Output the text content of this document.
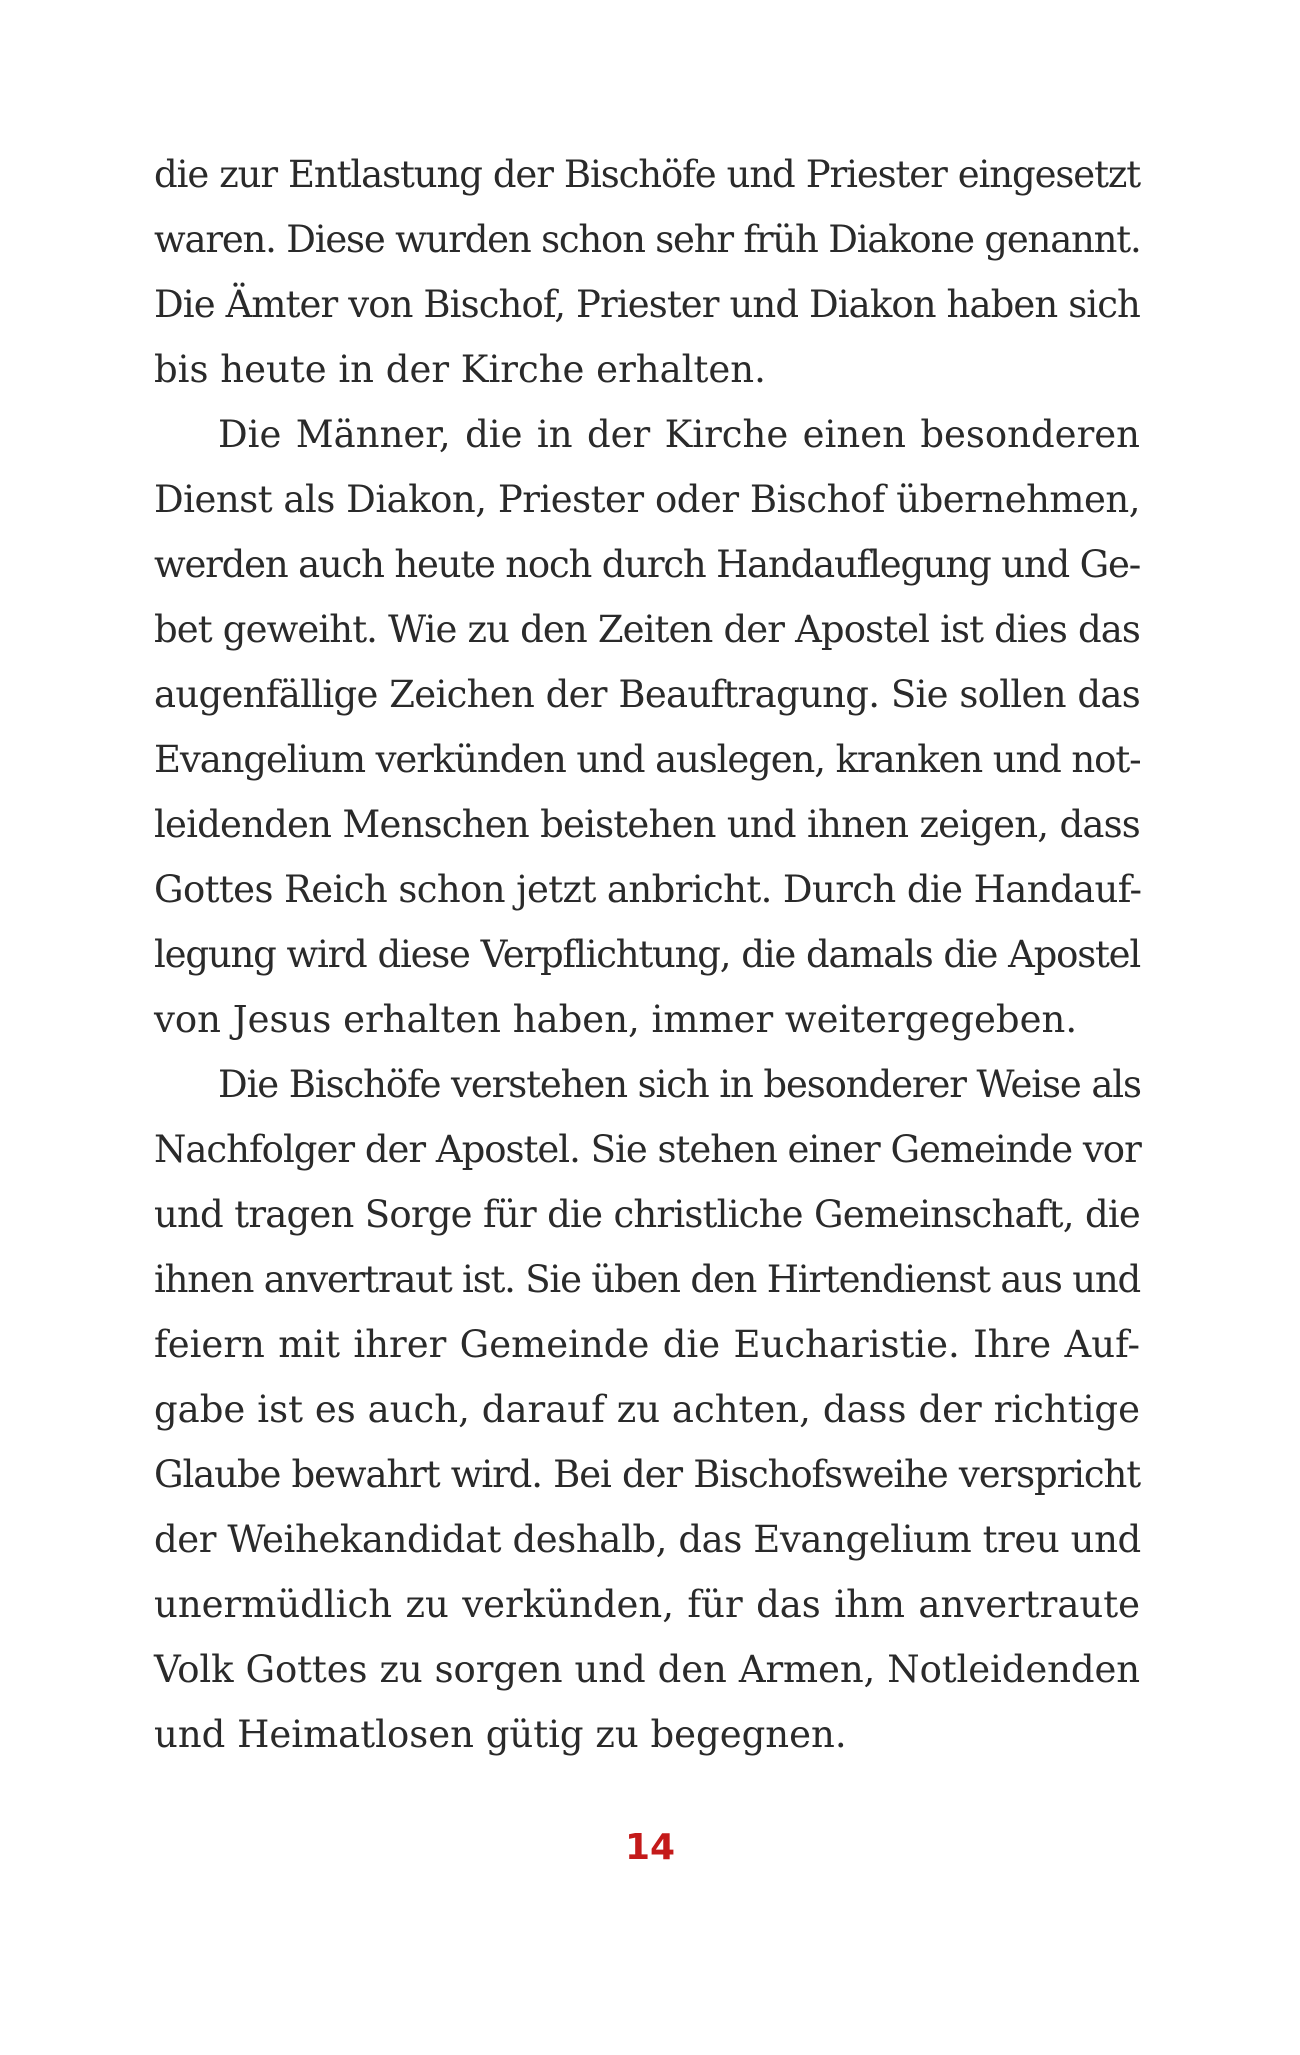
die zur Entlastung der Bischöfe und Priester eingesetzt
waren. Diese wurden schon sehr früh Diakone genannt.
Die Ämter von Bischof, Priester und Diakon haben sich
bis heute in der Kirche erhalten.
Die Männer, die in der Kirche einen besonderen
Dienst als Diakon, Priester oder Bischof übernehmen,
werden auch heute noch durch Handauflegung und Ge-
bet geweiht. Wie zu den Zeiten der Apostel ist dies das
augenfällige Zeichen der Beauftragung. Sie sollen das
Evangelium verkünden und auslegen, kranken und not-
leidenden Menschen beistehen und ihnen zeigen, dass
Gottes Reich schon jetzt anbricht. Durch die Handauf-
legung wird diese Verpflichtung, die damals die Apostel
von Jesus erhalten haben, immer weitergegeben.
Die Bischöfe verstehen sich in besonderer Weise als
Nachfolger der Apostel. Sie stehen einer Gemeinde vor
und tragen Sorge für die christliche Gemeinschaft, die
ihnen anvertraut ist. Sie üben den Hirtendienst aus und
feiern mit ihrer Gemeinde die Eucharistie. Ihre Auf-
gabe ist es auch, darauf zu achten, dass der richtige
Glaube bewahrt wird. Bei der Bischofsweihe verspricht
der Weihekandidat deshalb, das Evangelium treu und
unermüdlich zu verkünden, für das ihm anvertraute
Volk Gottes zu sorgen und den Armen, Notleidenden
und Heimatlosen gütig zu begegnen.
14
